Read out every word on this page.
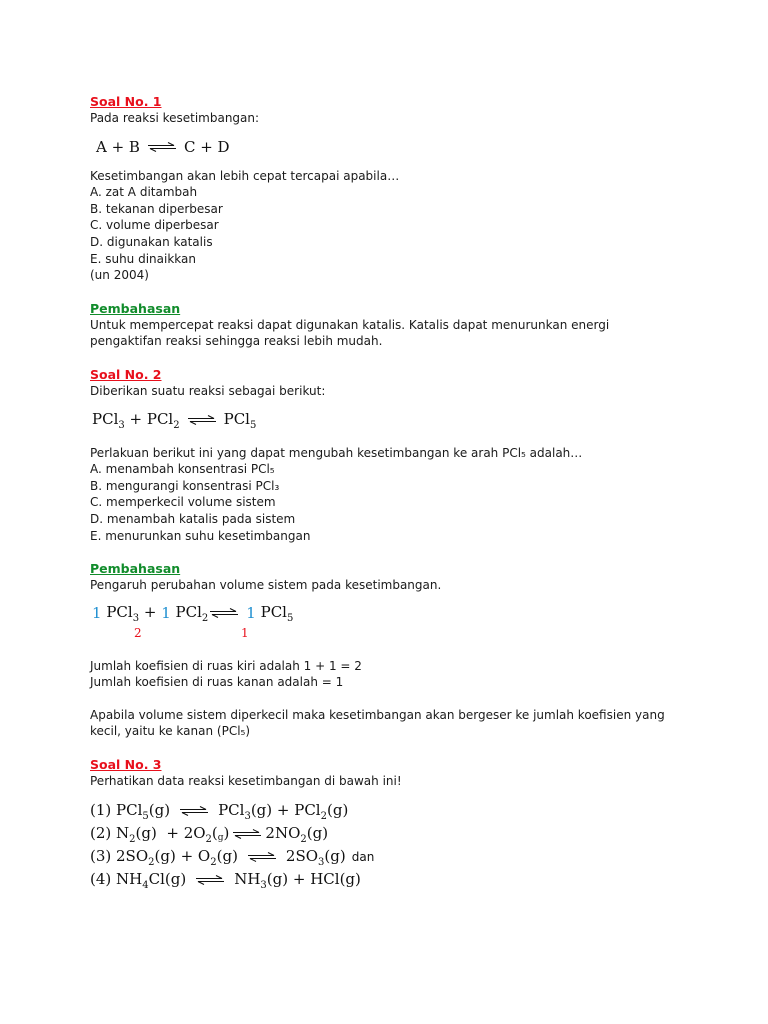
Soal No. 1
Pada reaksi kesetimbangan:
A + B	C + D
Kesetimbangan akan lebih cepat tercapai apabila…
A. zat A ditambah
B. tekanan diperbesar
C. volume diperbesar
D. digunakan katalis
E. suhu dinaikkan
(un 2004)
Pembahasan
Untuk mempercepat reaksi dapat digunakan katalis. Katalis dapat menurunkan energi
pengaktifan reaksi sehingga reaksi lebih mudah.
Soal No. 2
Diberikan suatu reaksi sebagai berikut:
PCl$_3$ + PCl$_2$	PCl$_5$
Perlakuan berikut ini yang dapat mengubah kesetimbangan ke arah PCl₅ adalah…
A. menambah konsentrasi PCl₅
B. mengurangi konsentrasi PCl₃
C. memperkecil volume sistem
D. menambah katalis pada sistem
E. menurunkan suhu kesetimbangan
Pembahasan
Pengaruh perubahan volume sistem pada kesetimbangan.
1
PCl$_3$ +
1
PCl$_2$	1
PCl$_5$
2	1
Jumlah koefisien di ruas kiri adalah 1 + 1 = 2
Jumlah koefisien di ruas kanan adalah = 1
Apabila volume sistem diperkecil maka kesetimbangan akan bergeser ke jumlah koefisien yang
kecil, yaitu ke kanan (PCl₅)
Soal No. 3
Perhatikan data reaksi kesetimbangan di bawah ini!
(1) PCl$_5$(g)	PCl$_3$(g) + PCl$_2$(g)
(2) $N_2(g) + 2O_2(g)$ $2NO_2(g)$
(3) $2SO_2(g) + O_2(g)$	$2SO_3(g)$ dan
(4) $NH_4Cl(g)$	$NH_3(g) + HCl(g)$
